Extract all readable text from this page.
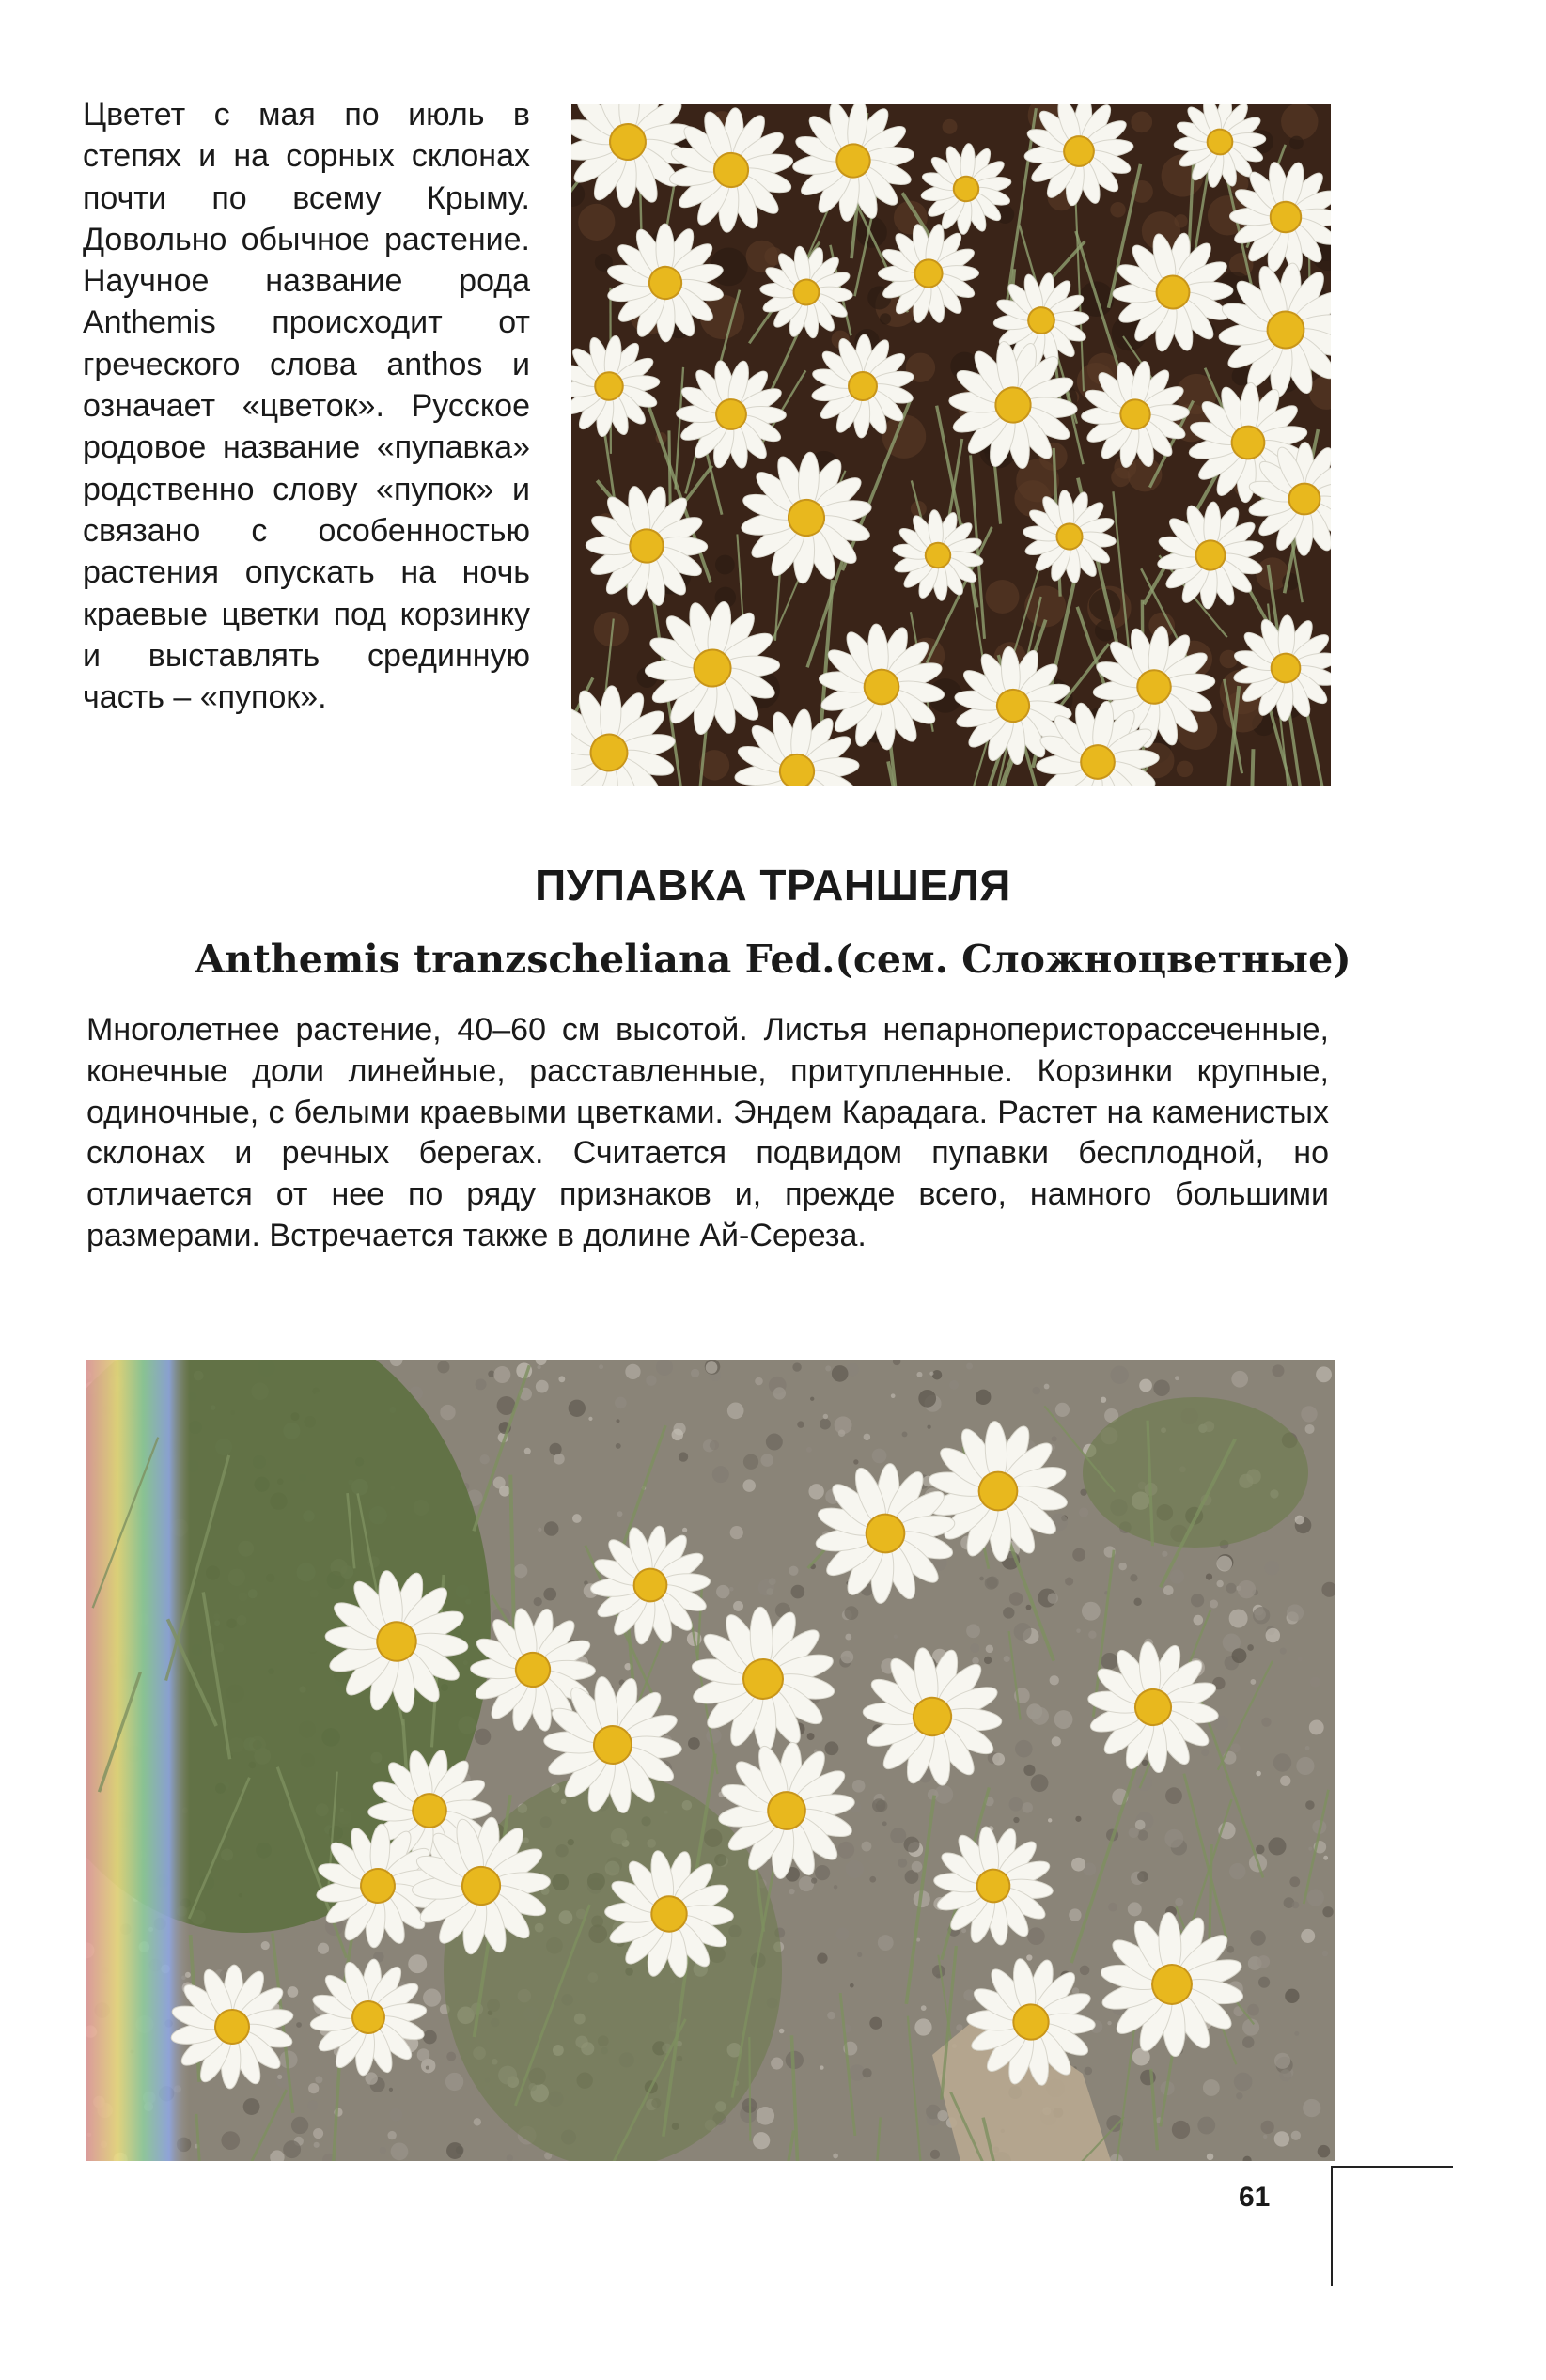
Цветет с мая по июль в степях и на сорных склонах почти по всему Крыму. Довольно обычное растение. Научное название рода Anthemis происходит от греческого слова anthos и означает «цветок». Русское родовое название «пупавка» родственно слову «пупок» и связано с особенностью растения опускать на ночь краевые цветки под корзинку и выставлять срединную часть – «пупок».

ПУПАВКА ТРАНШЕЛЯ
Anthemis tranzscheliana Fed.(сем. Сложноцветные)

Многолетнее растение, 40–60 см высотой. Листья непарноперисторассеченные, конечные доли линейные, расставленные, притупленные. Корзинки крупные, одиночные, с белыми краевыми цветками. Эндем Карадага. Растет на каменистых склонах и речных берегах. Считается подвидом пупавки бесплодной, но отличается от нее по ряду признаков и, прежде всего, намного большими размерами. Встречается также в долине Ай-Сереза.

61
